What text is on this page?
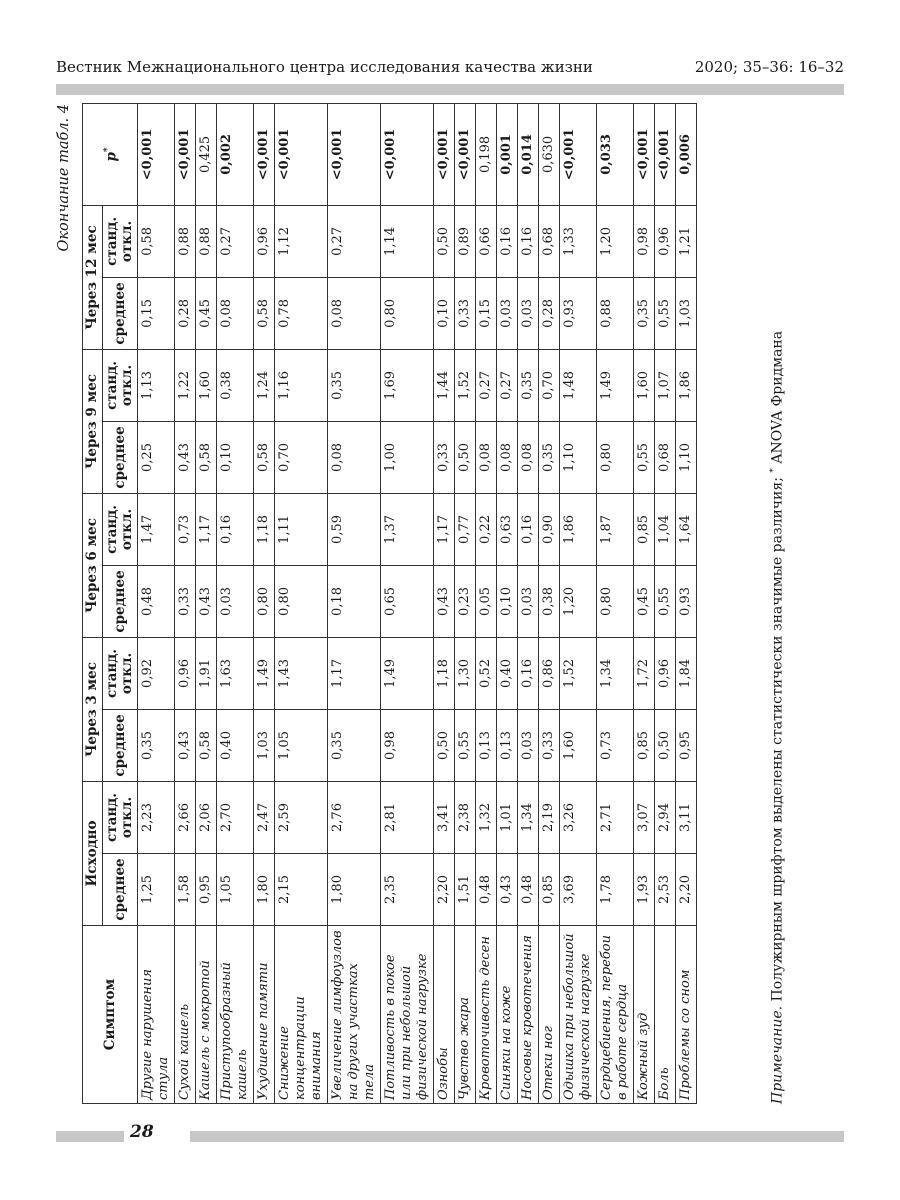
Вестник Межнационального центра исследования качества жизни	2020; 35–36: 16–32
Окончание табл. 4
Симптом	Исходно		Через 3 мес		Через 6 мес		Через 9 мес		Через 12 мес		p*
	среднее	станд. откл.	среднее	станд. откл.	среднее	станд. откл.	среднее	станд. откл.	среднее	станд. откл.	
Другие нарушения стула	1,25	2,23	0,35	0,92	0,48	1,47	0,25	1,13	0,15	0,58	<0,001
Сухой кашель	1,58	2,66	0,43	0,96	0,33	0,73	0,43	1,22	0,28	0,88	<0,001
Кашель с мокротой	0,95	2,06	0,58	1,91	0,43	1,17	0,58	1,60	0,45	0,88	0,425
Приступообразный кашель	1,05	2,70	0,40	1,63	0,03	0,16	0,10	0,38	0,08	0,27	0,002
Ухудшение памяти	1,80	2,47	1,03	1,49	0,80	1,18	0,58	1,24	0,58	0,96	<0,001
Снижение концентрации внимания	2,15	2,59	1,05	1,43	0,80	1,11	0,70	1,16	0,78	1,12	<0,001
Увеличение лимфоузлов на других участках тела	1,80	2,76	0,35	1,17	0,18	0,59	0,08	0,35	0,08	0,27	<0,001
Потливость в покое или при небольшой физической нагрузке	2,35	2,81	0,98	1,49	0,65	1,37	1,00	1,69	0,80	1,14	<0,001
Ознобы	2,20	3,41	0,50	1,18	0,43	1,17	0,33	1,44	0,10	0,50	<0,001
Чувство жара	1,51	2,38	0,55	1,30	0,23	0,77	0,50	1,52	0,33	0,89	<0,001
Кровоточивость десен	0,48	1,32	0,13	0,52	0,05	0,22	0,08	0,27	0,15	0,66	0,198
Синяки на коже	0,43	1,01	0,13	0,40	0,10	0,63	0,08	0,27	0,03	0,16	0,001
Носовые кровотечения	0,48	1,34	0,03	0,16	0,03	0,16	0,08	0,35	0,03	0,16	0,014
Отеки ног	0,85	2,19	0,33	0,86	0,38	0,90	0,35	0,70	0,28	0,68	0,630
Одышка при небольшой физической нагрузке	3,69	3,26	1,60	1,52	1,20	1,86	1,10	1,48	0,93	1,33	<0,001
Сердцебиения, перебои в работе сердца	1,78	2,71	0,73	1,34	0,80	1,87	0,80	1,49	0,88	1,20	0,033
Кожный зуд	1,93	3,07	0,85	1,72	0,45	0,85	0,55	1,60	0,35	0,98	<0,001
Боль	2,53	2,94	0,50	0,96	0,55	1,04	0,68	1,07	0,55	0,96	<0,001
Проблемы со сном	2,20	3,11	0,95	1,84	0,93	1,64	1,10	1,86	1,03	1,21	0,006
Примечание. Полужирным шрифтом выделены статистически значимые различия; * ANOVA Фридмана
28
